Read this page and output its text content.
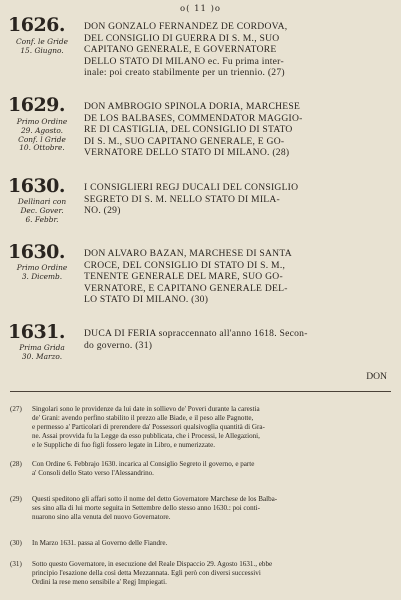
o( 11 )o
1626.
Conf. le Gride
15. Giugno.
DON GONZALO FERNANDEZ DE CORDOVA,
DEL CONSIGLIO DI GUERRA DI S. M., SUO
CAPITANO GENERALE, E GOVERNATORE
DELLO STATO DI MILANO ec. Fu prima inter-
inale: poi creato stabilmente per un triennio. (27)
1629.
Primo Ordine
29. Agosto.
Conf. l Gride
10. Ottobre.
DON AMBROGIO SPINOLA DORIA, MARCHESE
DE LOS BALBASES, COMMENDATOR MAGGIO-
RE DI CASTIGLIA, DEL CONSIGLIO DI STATO
DI S. M., SUO CAPITANO GENERALE, E GO-
VERNATORE DELLO STATO DI MILANO. (28)
1630.
Dellinari con
Dec. Gover.
6. Febbr.
I CONSIGLIERI REGJ DUCALI DEL CONSIGLIO
SEGRETO DI S. M. NELLO STATO DI MILA-
NO. (29)
1630.
Primo Ordine
3. Dicemb.
DON ALVARO BAZAN, MARCHESE DI SANTA
CROCE, DEL CONSIGLIO DI STATO DI S. M.,
TENENTE GENERALE DEL MARE, SUO GO-
VERNATORE, E CAPITANO GENERALE DEL-
LO STATO DI MILANO. (30)
1631.
Prima Grida
30. Marzo.
DUCA DI FERIA sopraccennato all'anno 1618. Secon-
do governo. (31)
DON
(27) Singolari sono le providenze da lui date in sollievo de' Poveri durante la carestia
de' Grani: avendo perfino stabilito il prezzo alle Biade, e il peso alle Pagnotte,
e permesso a' Particolari di prerendere da' Possessori qualsivoglia quantità di Gra-
ne. Assai provvida fu la Legge da esso pubblicata, che i Processi, le Allegazioni,
e le Suppliche di fuo figli fossero legate in Libro, e numerizzate.
(28) Con Ordine 6. Febbrajo 1630. incarica al Consiglio Segreto il governo, e parte
a' Consoli dello Stato verso l'Alessandrino.
(29) Questi speditono gli affari sotto il nome del detto Governatore Marchese de los Balba-
ses sino alla di lui morte seguita in Settembre dello stesso anno 1630.: poi conti-
nuarono sino alla venuta del nuovo Governatore.
(30) In Marzo 1631. passa al Governo delle Fiandre.
(31) Sotto questo Governatore, in esecuzione del Reale Dispaccio 29. Agosto 1631., ebbe
principio l'esazione della così detta Mezzannata. Egli però con diversi successivi
Ordini la rese meno sensibile a' Regj Impiegati.
